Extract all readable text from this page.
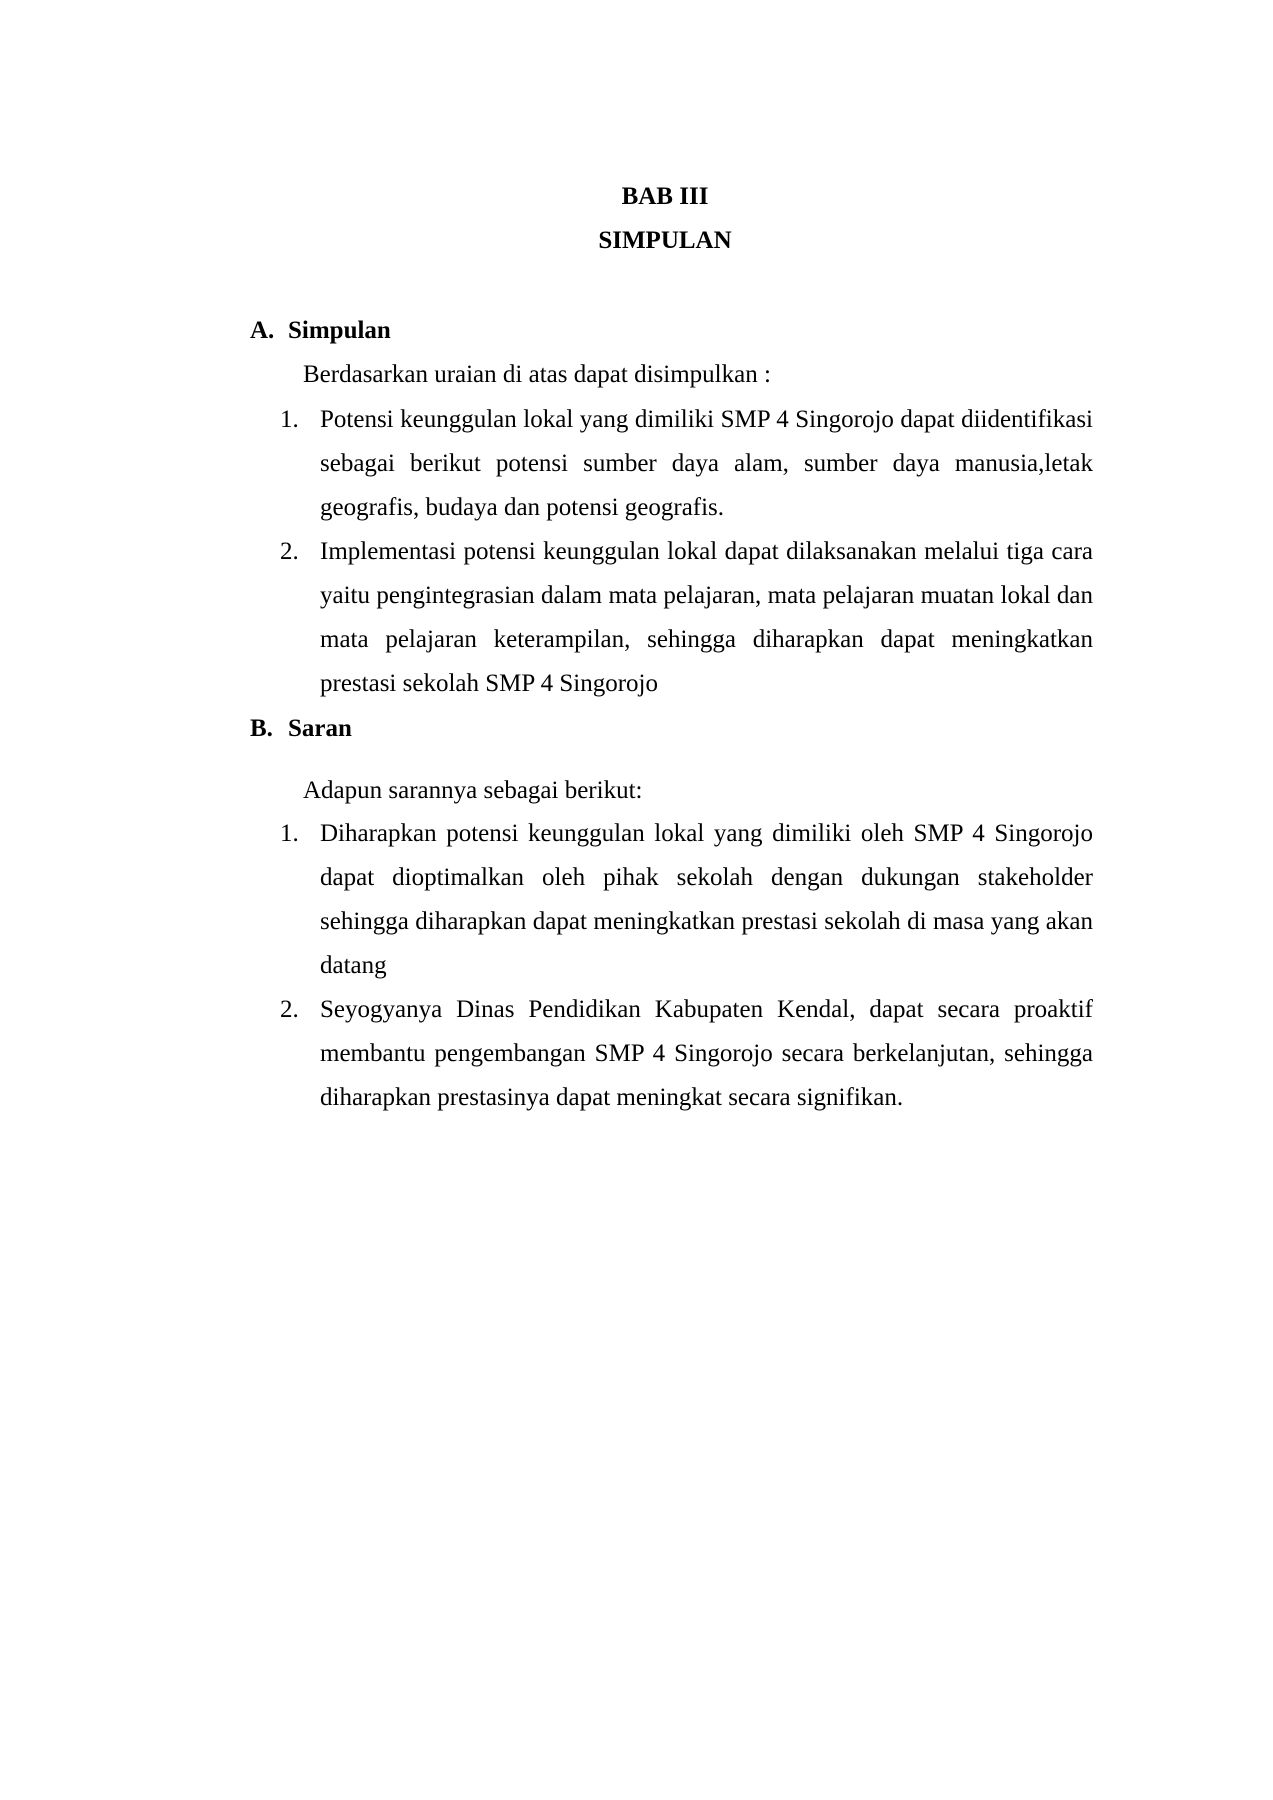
BAB III
SIMPULAN
A. Simpulan
Berdasarkan uraian di atas dapat disimpulkan :
1. Potensi keunggulan lokal yang dimiliki SMP 4 Singorojo dapat diidentifikasi sebagai berikut potensi sumber daya alam, sumber daya manusia,letak geografis, budaya dan potensi geografis.
2. Implementasi potensi keunggulan lokal dapat dilaksanakan melalui tiga cara yaitu pengintegrasian dalam mata pelajaran, mata pelajaran muatan lokal dan mata pelajaran keterampilan, sehingga diharapkan dapat meningkatkan prestasi sekolah SMP 4 Singorojo
B. Saran
Adapun sarannya sebagai berikut:
1. Diharapkan potensi keunggulan lokal yang dimiliki oleh SMP 4 Singorojo dapat dioptimalkan oleh pihak sekolah dengan dukungan stakeholder sehingga diharapkan dapat meningkatkan prestasi sekolah di masa yang akan datang
2. Seyogyanya Dinas Pendidikan Kabupaten Kendal, dapat secara proaktif membantu pengembangan SMP 4 Singorojo secara berkelanjutan, sehingga diharapkan prestasinya dapat meningkat secara signifikan.
